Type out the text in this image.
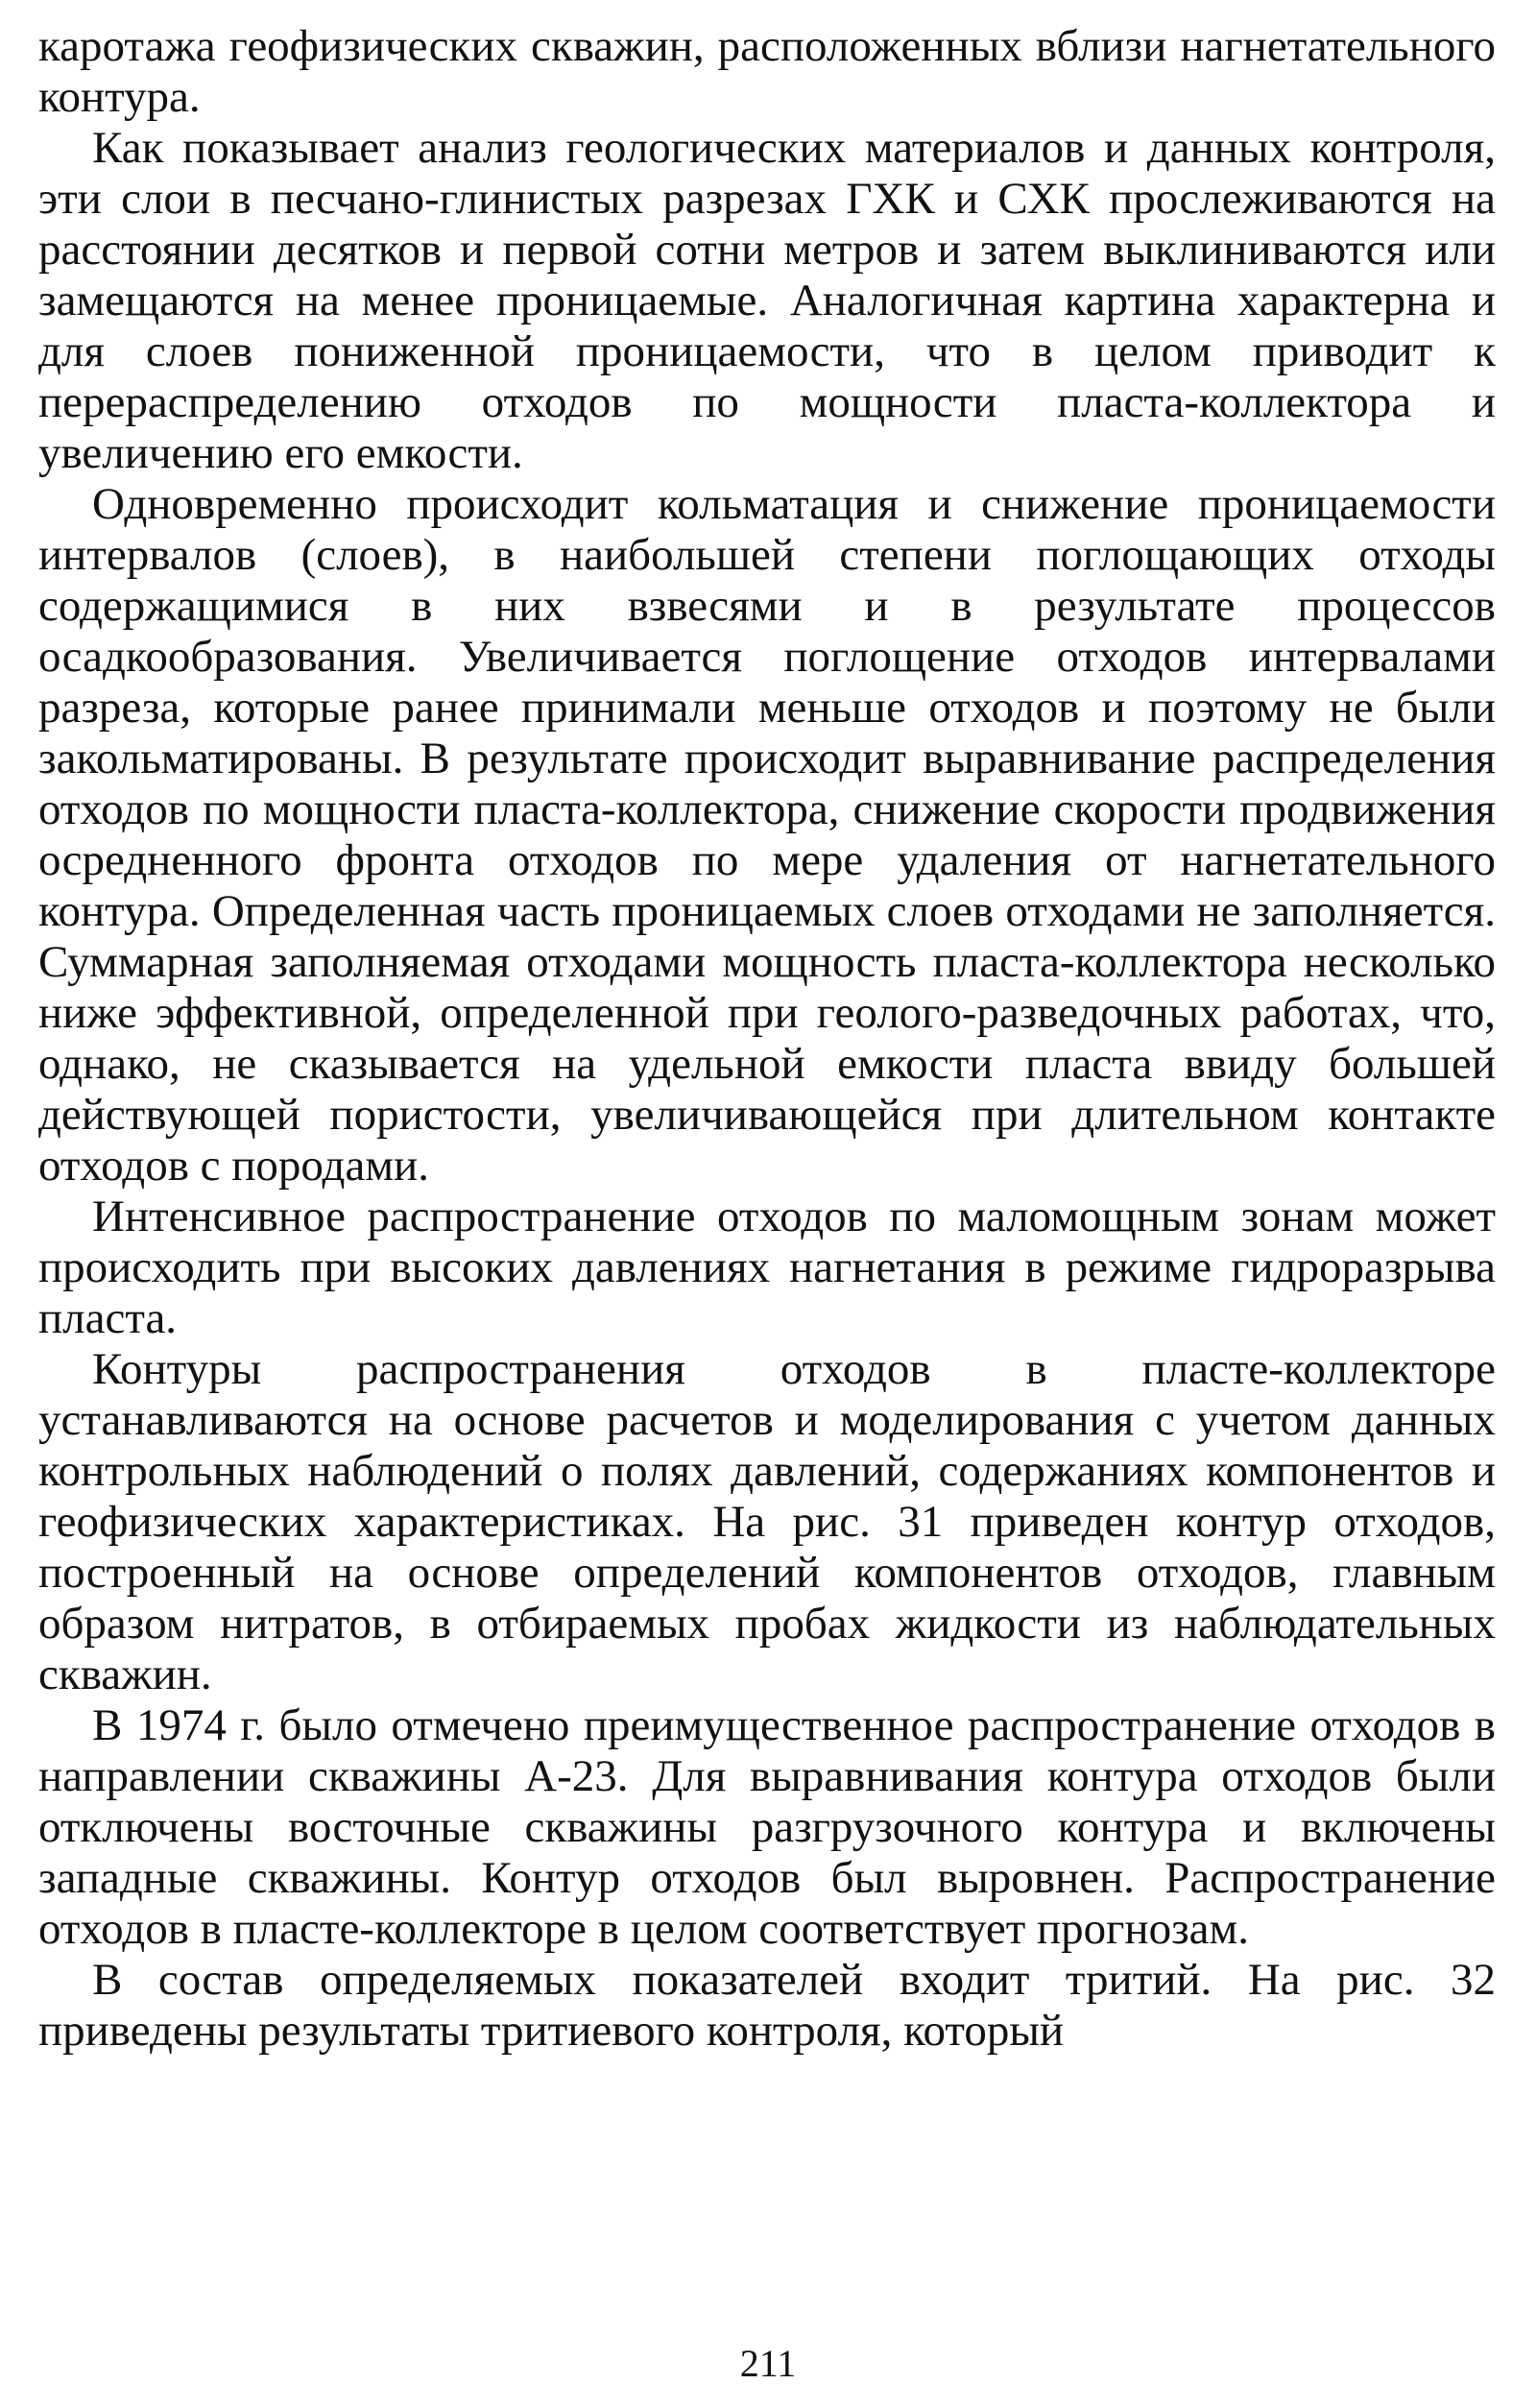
каротажа геофизических скважин, расположенных вблизи нагнетательного контура.

Как показывает анализ геологических материалов и данных контроля, эти слои в песчано-глинистых разрезах ГХК и СХК прослеживаются на расстоянии десятков и первой сотни метров и затем выклиниваются или замещаются на менее проницаемые. Аналогичная картина характерна и для слоев пониженной проницаемости, что в целом приводит к перераспределению отходов по мощности пласта-коллектора и увеличению его емкости.

Одновременно происходит кольматация и снижение проницаемости интервалов (слоев), в наибольшей степени поглощающих отходы содержащимися в них взвесями и в результате процессов осадкообразования. Увеличивается поглощение отходов интервалами разреза, которые ранее принимали меньше отходов и поэтому не были закольматированы. В результате происходит выравнивание распределения отходов по мощности пласта-коллектора, снижение скорости продвижения осредненного фронта отходов по мере удаления от нагнетательного контура. Определенная часть проницаемых слоев отходами не заполняется. Суммарная заполняемая отходами мощность пласта-коллектора несколько ниже эффективной, определенной при геолого-разведочных работах, что, однако, не сказывается на удельной емкости пласта ввиду большей действующей пористости, увеличивающейся при длительном контакте отходов с породами.

Интенсивное распространение отходов по маломощным зонам может происходить при высоких давлениях нагнетания в режиме гидроразрыва пласта.

Контуры распространения отходов в пласте-коллекторе устанавливаются на основе расчетов и моделирования с учетом данных контрольных наблюдений о полях давлений, содержаниях компонентов и геофизических характеристиках. На рис. 31 приведен контур отходов, построенный на основе определений компонентов отходов, главным образом нитратов, в отбираемых пробах жидкости из наблюдательных скважин.

В 1974 г. было отмечено преимущественное распространение отходов в направлении скважины А-23. Для выравнивания контура отходов были отключены восточные скважины разгрузочного контура и включены западные скважины. Контур отходов был выровнен. Распространение отходов в пласте-коллекторе в целом соответствует прогнозам.

В состав определяемых показателей входит тритий. На рис. 32 приведены результаты тритиевого контроля, который

211
